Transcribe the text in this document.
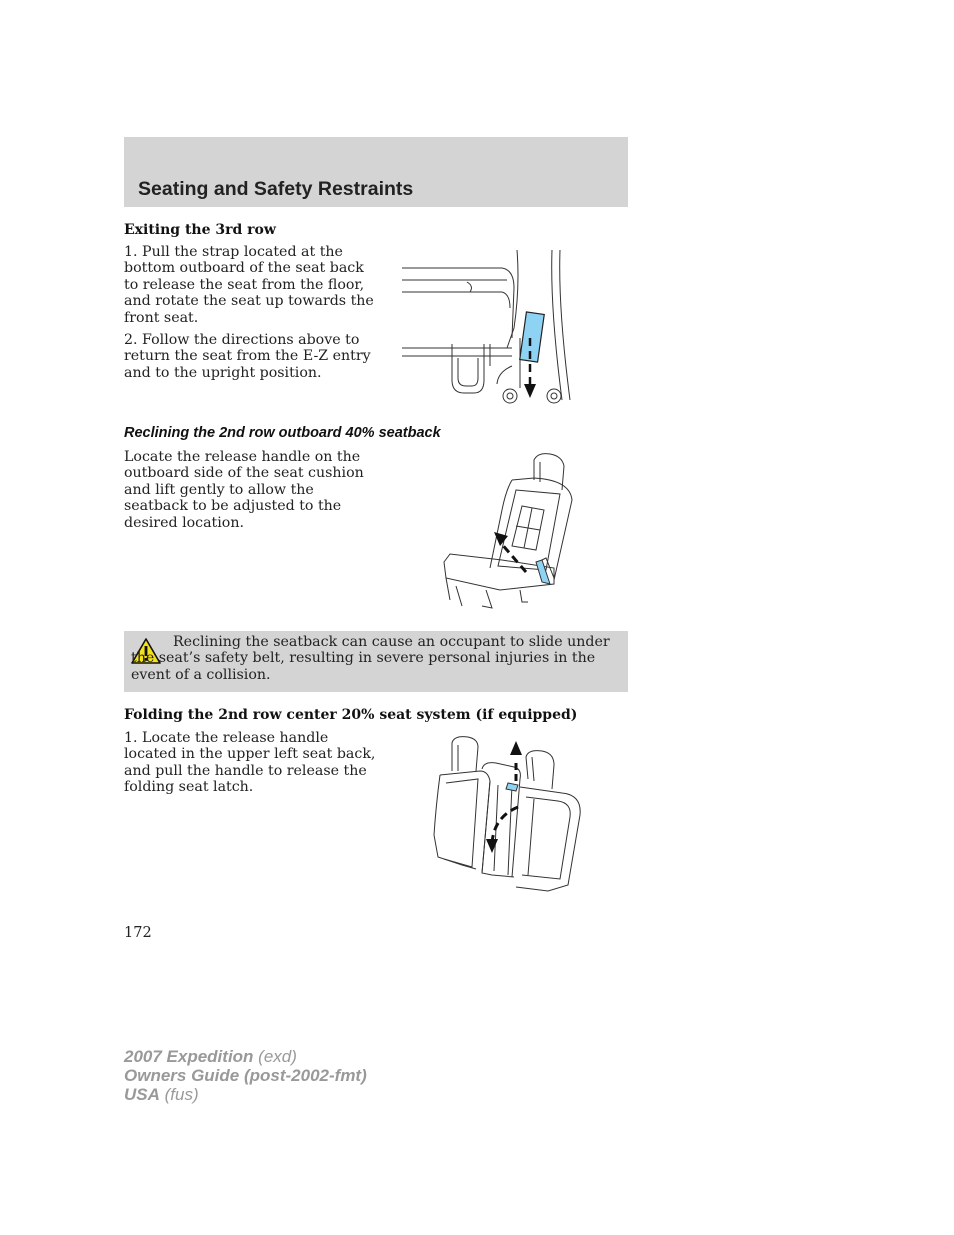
Seating and Safety Restraints
Exiting the 3rd row

1. Pull the strap located at the bottom outboard of the seat back to release the seat from the floor, and rotate the seat up towards the front seat.

2. Follow the directions above to return the seat from the E-Z entry and to the upright position.

Reclining the 2nd row outboard 40% seatback

Locate the release handle on the outboard side of the seat cushion and lift gently to allow the seatback to be adjusted to the desired location.

Reclining the seatback can cause an occupant to slide under the seat’s safety belt, resulting in severe personal injuries in the event of a collision.

Folding the 2nd row center 20% seat system (if equipped)

1. Locate the release handle located in the upper left seat back, and pull the handle to release the folding seat latch.

172
2007 Expedition (exd)
Owners Guide (post-2002-fmt)
USA (fus)
